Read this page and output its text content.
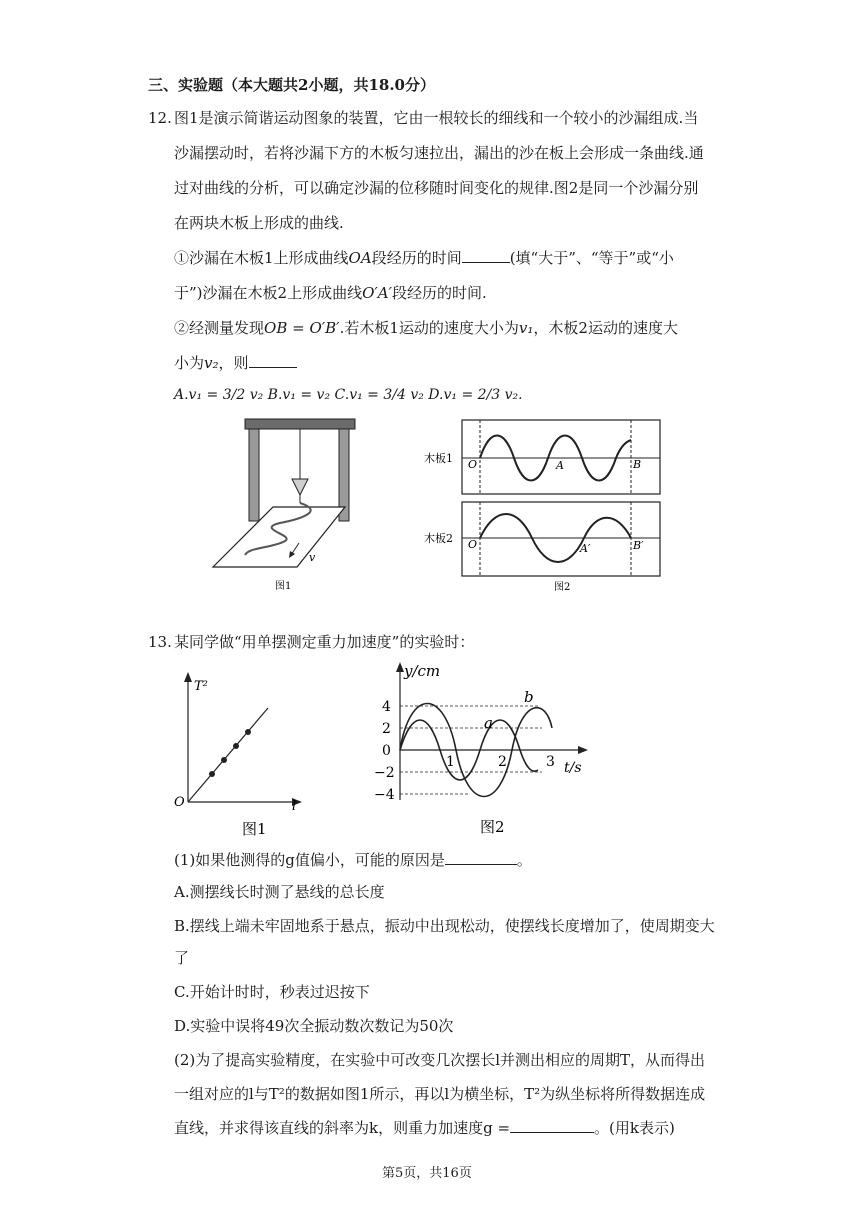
三、实验题（本大题共2小题，共18.0分）
12. 图1是演示简谐运动图象的装置，它由一根较长的细线和一个较小的沙漏组成.当
沙漏摆动时，若将沙漏下方的木板匀速拉出，漏出的沙在板上会形成一条曲线.通
过对曲线的分析，可以确定沙漏的位移随时间变化的规律.图2是同一个沙漏分别
在两块木板上形成的曲线.
①沙漏在木板1上形成曲线OA段经历的时间	(填“大于”、“等于”或“小
于”)沙漏在木板2上形成曲线O′A′段经历的时间.
②经测量发现OB = O′B′.若木板1运动的速度大小为v₁，木板2运动的速度大
小为v₂，则
A.v₁ = 3/2 v₂ B.v₁ = v₂ C.v₁ = 3/4 v₂ D.v₁ = 2/3 v₂.
v
图1
木板1 O	A	B
木板2 O	A′	B′
图2
13. 某同学做“用单摆测定重力加速度”的实验时：
T²
O	l
图1
y/cm
4
2
0
−2
−4
1	2	3 t/s
a
b
图2
(1)如果他测得的g值偏小，可能的原因是	。
A.测摆线长时测了悬线的总长度
B.摆线上端未牢固地系于悬点，振动中出现松动，使摆线长度增加了，使周期变大
了
C.开始计时时，秒表过迟按下
D.实验中误将49次全振动数次数记为50次
(2)为了提高实验精度，在实验中可改变几次摆长l并测出相应的周期T，从而得出
一组对应的l与T²的数据如图1所示，再以l为横坐标，T²为纵坐标将所得数据连成
直线，并求得该直线的斜率为k，则重力加速度g =	。(用k表示)
第5页，共16页
